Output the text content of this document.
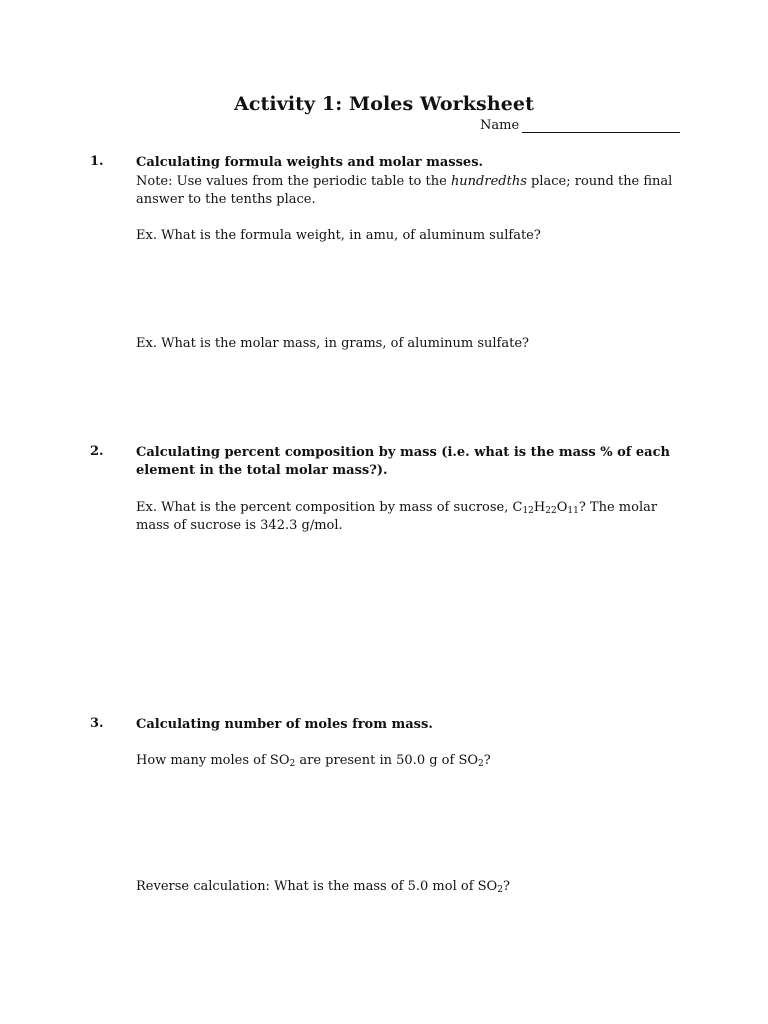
Activity 1: Moles Worksheet
Name
1. Calculating formula weights and molar masses.
Note: Use values from the periodic table to the hundredths place; round the final answer to the tenths place.
Ex. What is the formula weight, in amu, of aluminum sulfate?
Ex. What is the molar mass, in grams, of aluminum sulfate?
2. Calculating percent composition by mass (i.e. what is the mass % of each element in the total molar mass?).
Ex. What is the percent composition by mass of sucrose, $C_{12}H_{22}O_{11}$? The molar mass of sucrose is 342.3 g/mol.
3. Calculating number of moles from mass.
How many moles of $SO_2$ are present in 50.0 g of $SO_2$?
Reverse calculation: What is the mass of 5.0 mol of $SO_2$?
